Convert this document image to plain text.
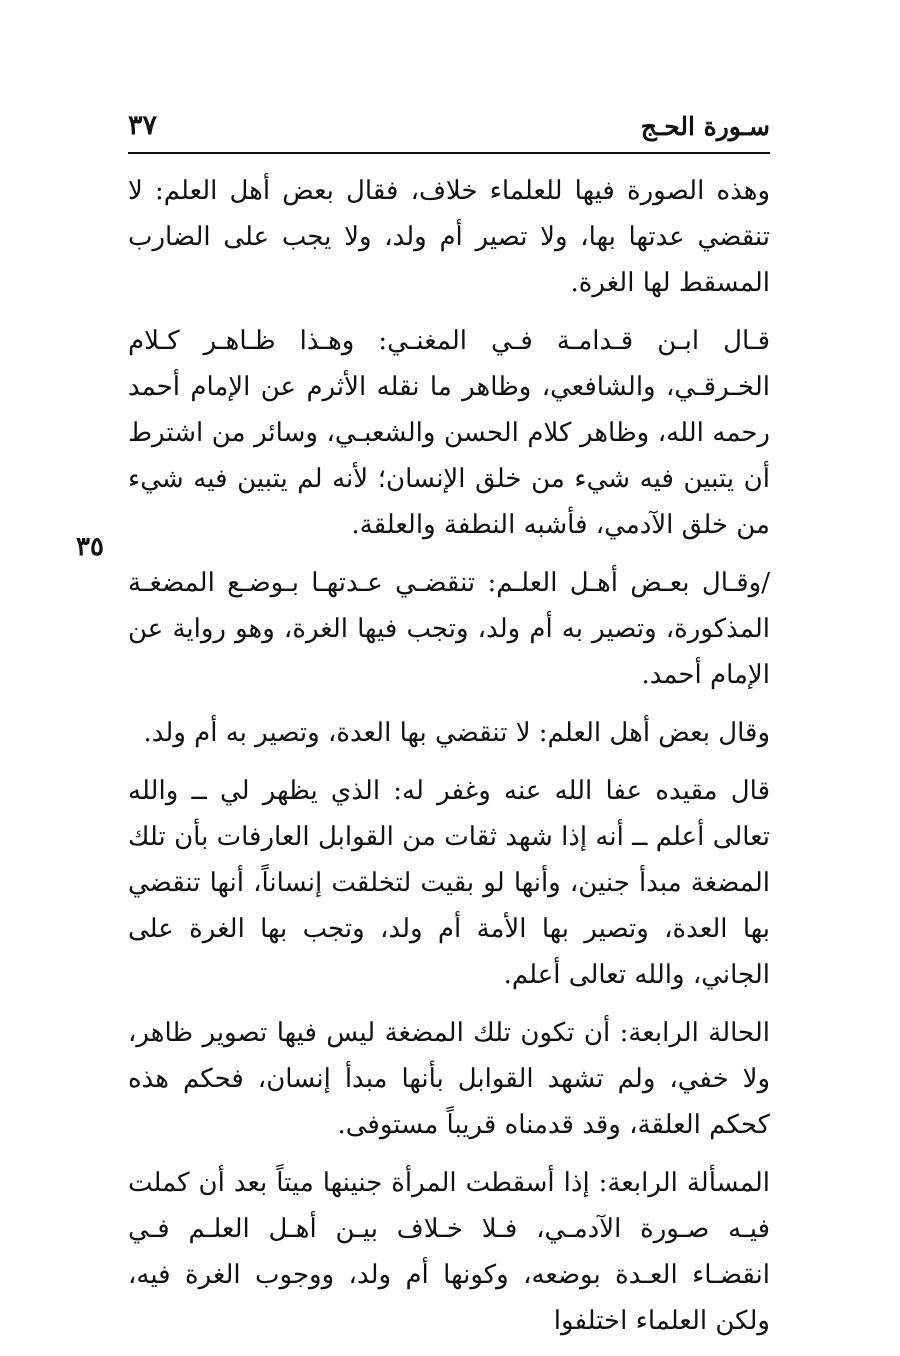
سـورة الحـج
٣٧
٣٥

وهذه الصورة فيها للعلماء خلاف، فقال بعض أهل العلم: لا تنقضي عدتها بها، ولا تصير أم ولد، ولا يجب على الضارب المسقط لها الغرة.

قـال ابـن قـدامـة فـي المغنـي: وهـذا ظـاهـر كـلام الخـرقـي، والشافعي، وظاهر ما نقله الأثرم عن الإمام أحمد رحمه الله، وظاهر كلام الحسن والشعبـي، وسائر من اشترط أن يتبين فيه شيء من خلق الإنسان؛ لأنه لم يتبين فيه شيء من خلق الآدمي، فأشبه النطفة والعلقة.

/وقـال بعـض أهـل العلـم: تنقضـي عـدتهـا بـوضـع المضغـة المذكورة، وتصير به أم ولد، وتجب فيها الغرة، وهو رواية عن الإمام أحمد.

وقال بعض أهل العلم: لا تنقضي بها العدة، وتصير به أم ولد.

قال مقيده عفا الله عنه وغفر له: الذي يظهر لي ــ والله تعالى أعلم ــ أنه إذا شهد ثقات من القوابل العارفات بأن تلك المضغة مبدأ جنين، وأنها لو بقيت لتخلقت إنساناً، أنها تنقضي بها العدة، وتصير بها الأمة أم ولد، وتجب بها الغرة على الجاني، والله تعالى أعلم.

الحالة الرابعة: أن تكون تلك المضغة ليس فيها تصوير ظاهر، ولا خفي، ولم تشهد القوابل بأنها مبدأ إنسان، فحكم هذه كحكم العلقة، وقد قدمناه قريباً مستوفى.

المسألة الرابعة: إذا أسقطت المرأة جنينها ميتاً بعد أن كملت فيـه صـورة الآدمـي، فـلا خـلاف بيـن أهـل العلـم فـي انقضـاء العـدة بوضعه، وكونها أم ولد، ووجوب الغرة فيه، ولكن العلماء اختلفوا
